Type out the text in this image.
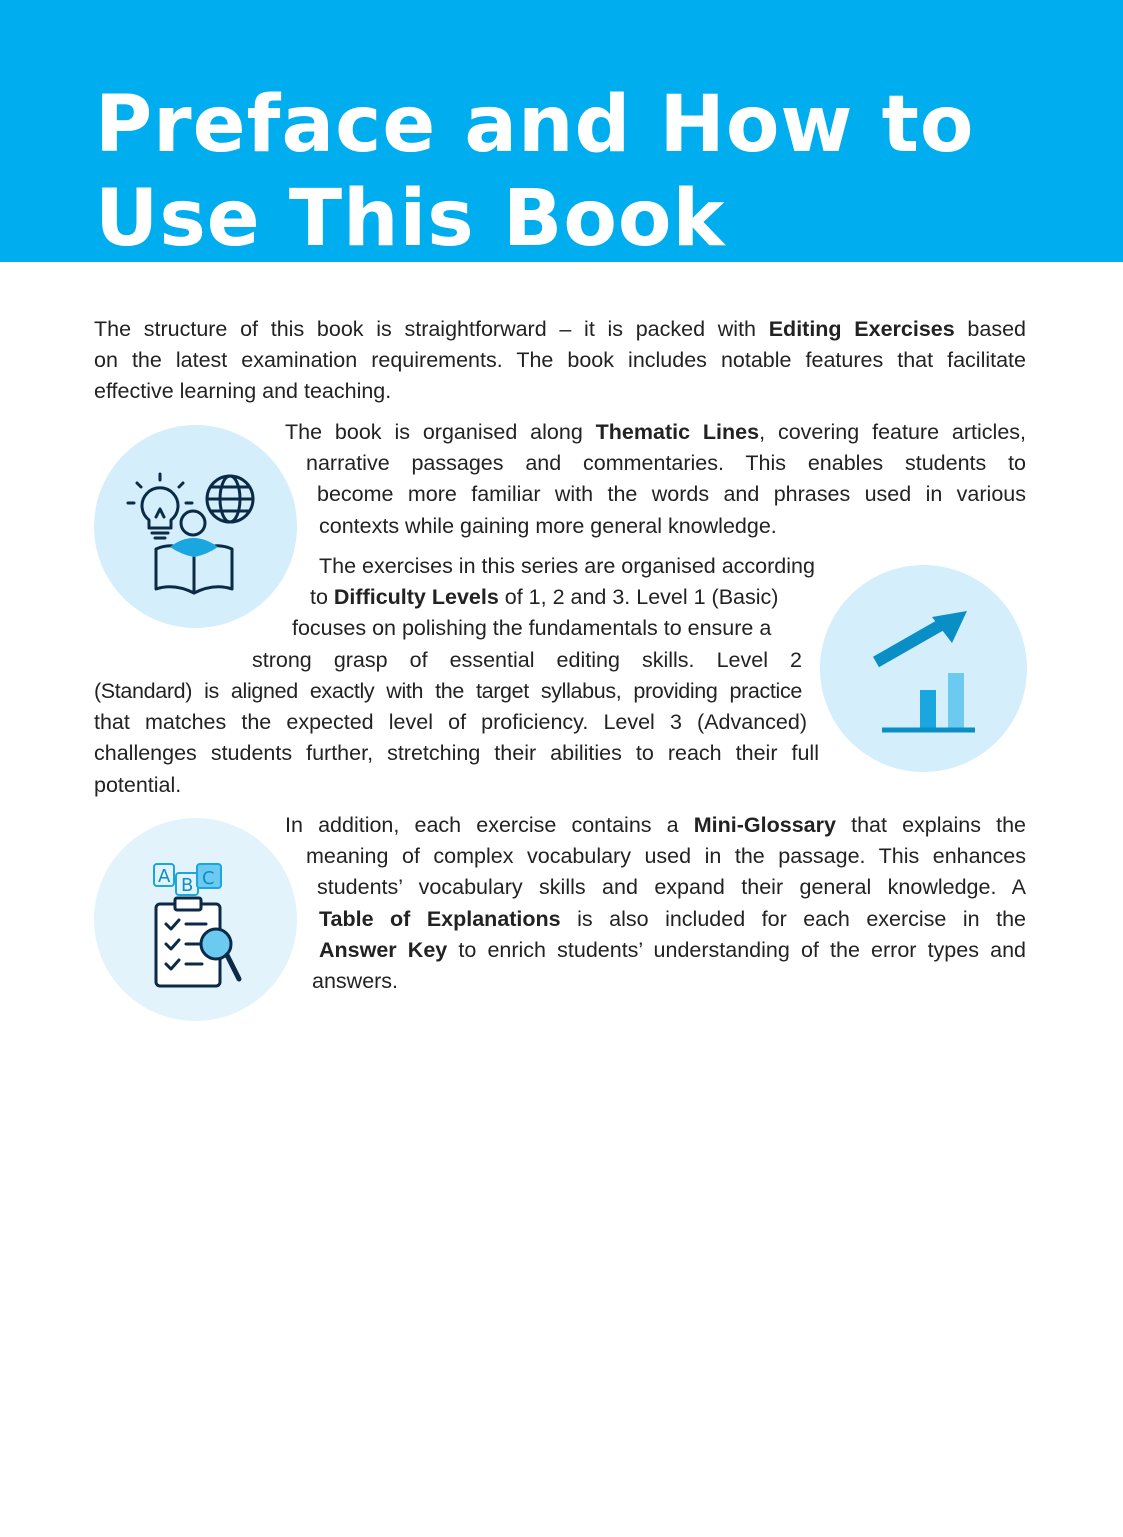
Preface and How to
Use This Book

The structure of this book is straightforward – it is packed with Editing Exercises based
on the latest examination requirements. The book includes notable features that facilitate
effective learning and teaching.

The book is organised along Thematic Lines, covering feature articles,
narrative passages and commentaries. This enables students to
become more familiar with the words and phrases used in various
contexts while gaining more general knowledge.
The exercises in this series are organised according
to Difficulty Levels of 1, 2 and 3. Level 1 (Basic)
focuses on polishing the fundamentals to ensure a
strong grasp of essential editing skills. Level 2
(Standard) is aligned exactly with the target syllabus, providing practice
that matches the expected level of proficiency. Level 3 (Advanced)
challenges students further, stretching their abilities to reach their full
potential.
A B C
In addition, each exercise contains a Mini-Glossary that explains the
meaning of complex vocabulary used in the passage. This enhances
students’ vocabulary skills and expand their general knowledge. A
Table of Explanations is also included for each exercise in the
Answer Key to enrich students’ understanding of the error types and
answers.
